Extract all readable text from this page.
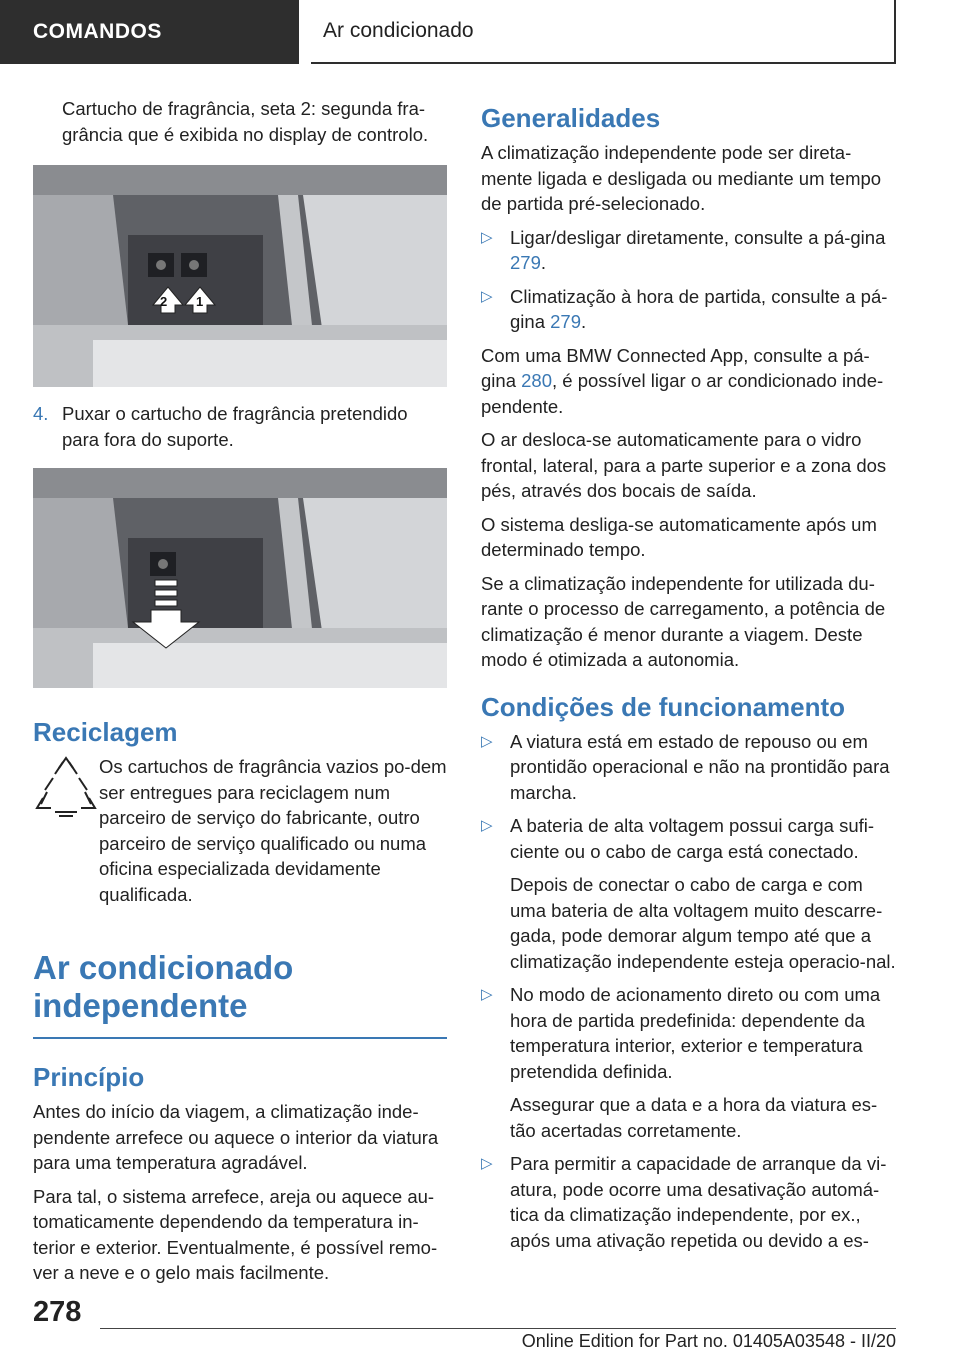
COMANDOS	Ar condicionado

Cartucho de fragrância, seta 2: segunda fra-grância que é exibida no display de controlo.

2 1
4. Puxar o cartucho de fragrância pretendido para fora do suporte.
Reciclagem

Os cartuchos de fragrância vazios po-dem ser entregues para reciclagem num parceiro de serviço do fabricante, outro parceiro de serviço qualificado ou numa oficina especializada devidamente qualificada.

Ar condicionado independente
Princípio

Antes do início da viagem, a climatização inde-pendente arrefece ou aquece o interior da viatura para uma temperatura agradável.

Para tal, o sistema arrefece, areja ou aquece au-tomaticamente dependendo da temperatura in-terior e exterior. Eventualmente, é possível remo-ver a neve e o gelo mais facilmente.

Generalidades

A climatização independente pode ser direta-mente ligada e desligada ou mediante um tempo de partida pré-selecionado.

▷ Ligar/desligar diretamente, consulte a pá-gina 279.
▷ Climatização à hora de partida, consulte a pá-gina 279.

Com uma BMW Connected App, consulte a pá-gina 280, é possível ligar o ar condicionado inde-pendente.

O ar desloca-se automaticamente para o vidro frontal, lateral, para a parte superior e a zona dos pés, através dos bocais de saída.

O sistema desliga-se automaticamente após um determinado tempo.

Se a climatização independente for utilizada du-rante o processo de carregamento, a potência de climatização é menor durante a viagem. Deste modo é otimizada a autonomia.

Condições de funcionamento
▷ A viatura está em estado de repouso ou em prontidão operacional e não na prontidão para marcha.
▷ A bateria de alta voltagem possui carga sufi-ciente ou o cabo de carga está conectado.

Depois de conectar o cabo de carga e com uma bateria de alta voltagem muito descarre-gada, pode demorar algum tempo até que a climatização independente esteja operacio-nal.

▷ No modo de acionamento direto ou com uma hora de partida predefinida: dependente da temperatura interior, exterior e temperatura pretendida definida.

Assegurar que a data e a hora da viatura es-tão acertadas corretamente.

▷ Para permitir a capacidade de arranque da vi-atura, pode ocorre uma desativação automá-tica da climatização independente, por ex., após uma ativação repetida ou devido a es-
278
Online Edition for Part no. 01405A03548 - II/20
